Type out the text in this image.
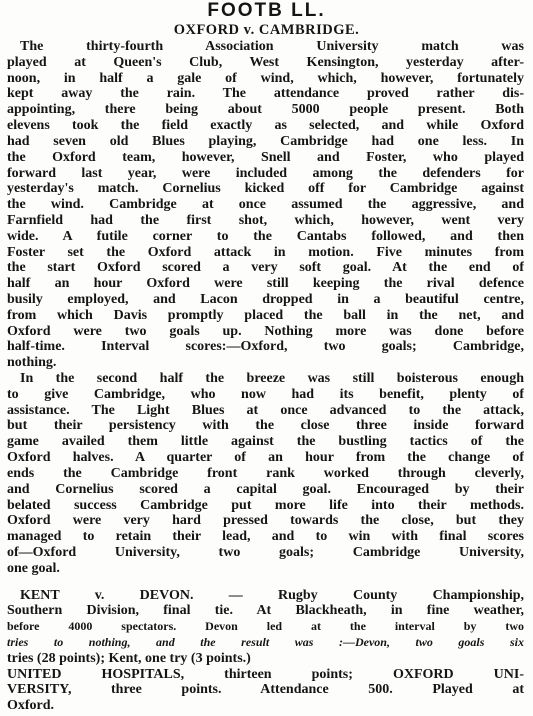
FOOTB LL.
OXFORD v. CAMBRIDGE.
The thirty-fourth Association University match was
played at Queen's Club, West Kensington, yesterday after-
noon, in half a gale of wind, which, however, fortunately
kept away the rain. The attendance proved rather dis-
appointing, there being about 5000 people present. Both
elevens took the field exactly as selected, and while Oxford
had seven old Blues playing, Cambridge had one less. In
the Oxford team, however, Snell and Foster, who played
forward last year, were included among the defenders for
yesterday's match. Cornelius kicked off for Cambridge against
the wind. Cambridge at once assumed the aggressive, and
Farnfield had the first shot, which, however, went very
wide. A futile corner to the Cantabs followed, and then
Foster set the Oxford attack in motion. Five minutes from
the start Oxford scored a very soft goal. At the end of
half an hour Oxford were still keeping the rival defence
busily employed, and Lacon dropped in a beautiful centre,
from which Davis promptly placed the ball in the net, and
Oxford were two goals up. Nothing more was done before
half-time. Interval scores:—Oxford, two goals; Cambridge,
nothing.
In the second half the breeze was still boisterous enough
to give Cambridge, who now had its benefit, plenty of
assistance. The Light Blues at once advanced to the attack,
but their persistency with the close three inside forward
game availed them little against the bustling tactics of the
Oxford halves. A quarter of an hour from the change of
ends the Cambridge front rank worked through cleverly,
and Cornelius scored a capital goal. Encouraged by their
belated success Cambridge put more life into their methods.
Oxford were very hard pressed towards the close, but they
managed to retain their lead, and to win with final scores
of—Oxford University, two goals; Cambridge University,
one goal.
KENT v. DEVON. — Rugby County Championship,
Southern Division, final tie. At Blackheath, in fine weather,
before 4000 spectators. Devon led at the interval by two
tries to nothing, and the result was :—Devon, two goals six
tries (28 points); Kent, one try (3 points.)
UNITED HOSPITALS, thirteen points; OXFORD UNI-
VERSITY, three points. Attendance 500. Played at
Oxford.
